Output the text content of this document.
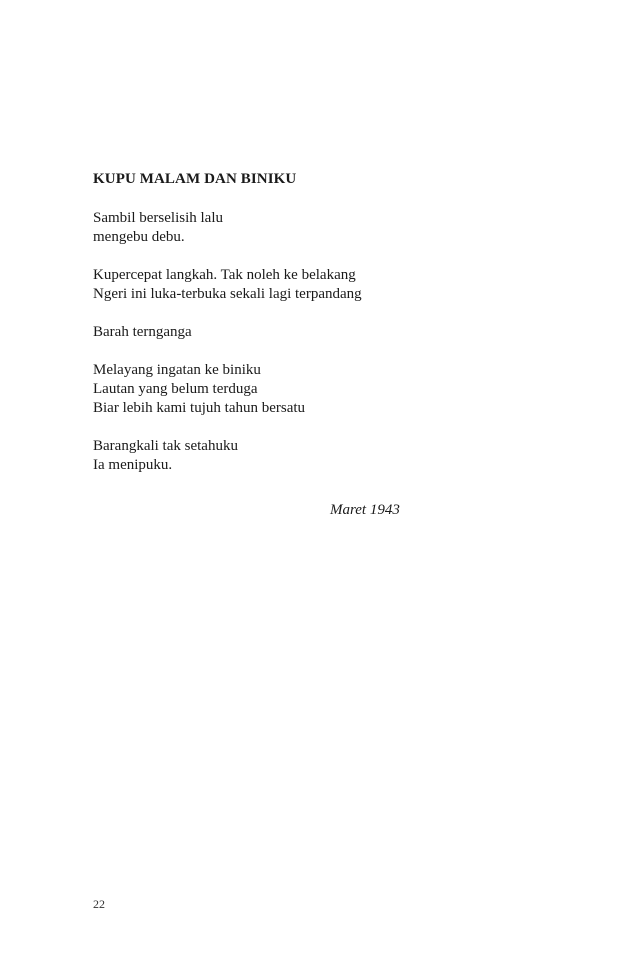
KUPU MALAM DAN BINIKU

Sambil berselisih lalu
mengebu debu.

Kupercepat langkah. Tak noleh ke belakang
Ngeri ini luka-terbuka sekali lagi terpandang

Barah ternganga

Melayang ingatan ke biniku
Lautan yang belum terduga
Biar lebih kami tujuh tahun bersatu

Barangkali tak setahuku
Ia menipuku.

Maret 1943
22
